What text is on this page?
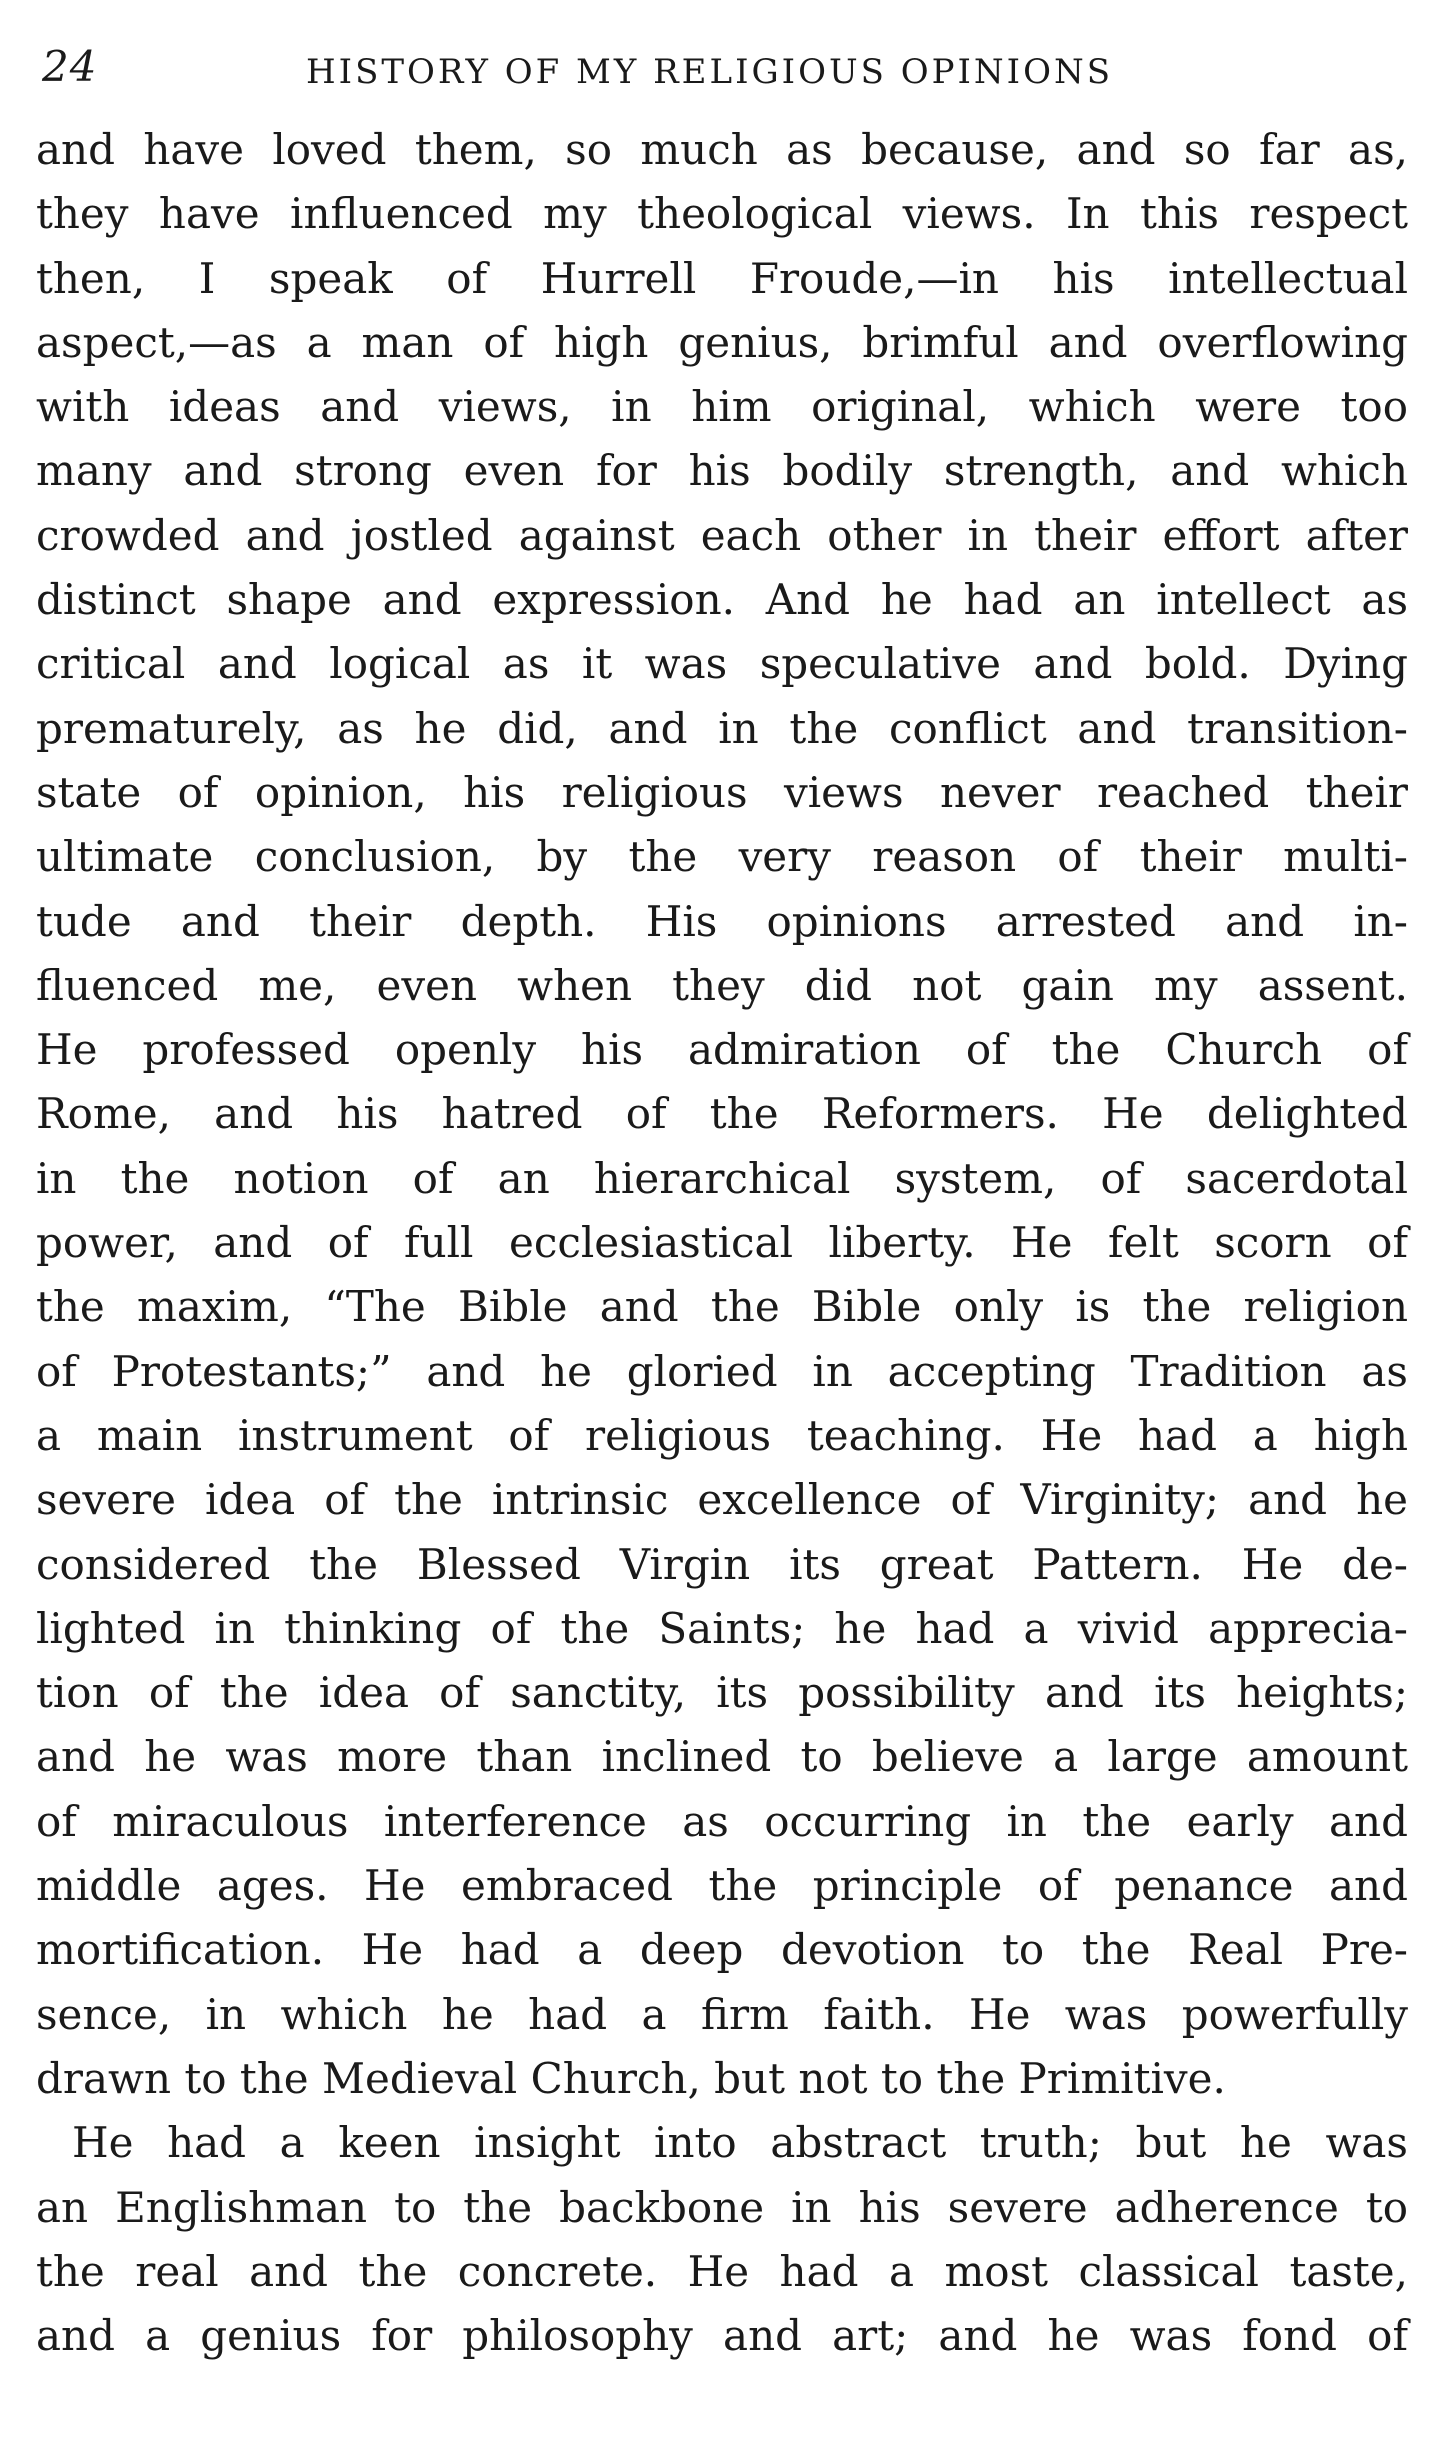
24	HISTORY OF MY RELIGIOUS OPINIONS

and have loved them, so much as because, and so far as,

they have influenced my theological views. In this respect

then, I speak of Hurrell Froude,—in his intellectual

aspect,—as a man of high genius, brimful and overflowing

with ideas and views, in him original, which were too

many and strong even for his bodily strength, and which

crowded and jostled against each other in their effort after

distinct shape and expression. And he had an intellect as

critical and logical as it was speculative and bold. Dying

prematurely, as he did, and in the conflict and transition-

state of opinion, his religious views never reached their

ultimate conclusion, by the very reason of their multi-

tude and their depth. His opinions arrested and in-

fluenced me, even when they did not gain my assent.

He professed openly his admiration of the Church of

Rome, and his hatred of the Reformers. He delighted

in the notion of an hierarchical system, of sacerdotal

power, and of full ecclesiastical liberty. He felt scorn of

the maxim, “The Bible and the Bible only is the religion

of Protestants;” and he gloried in accepting Tradition as

a main instrument of religious teaching. He had a high

severe idea of the intrinsic excellence of Virginity; and he

considered the Blessed Virgin its great Pattern. He de-

lighted in thinking of the Saints; he had a vivid apprecia-

tion of the idea of sanctity, its possibility and its heights;

and he was more than inclined to believe a large amount

of miraculous interference as occurring in the early and

middle ages. He embraced the principle of penance and

mortification. He had a deep devotion to the Real Pre-

sence, in which he had a firm faith. He was powerfully

drawn to the Medieval Church, but not to the Primitive.

He had a keen insight into abstract truth; but he was

an Englishman to the backbone in his severe adherence to

the real and the concrete. He had a most classical taste,

and a genius for philosophy and art; and he was fond of
